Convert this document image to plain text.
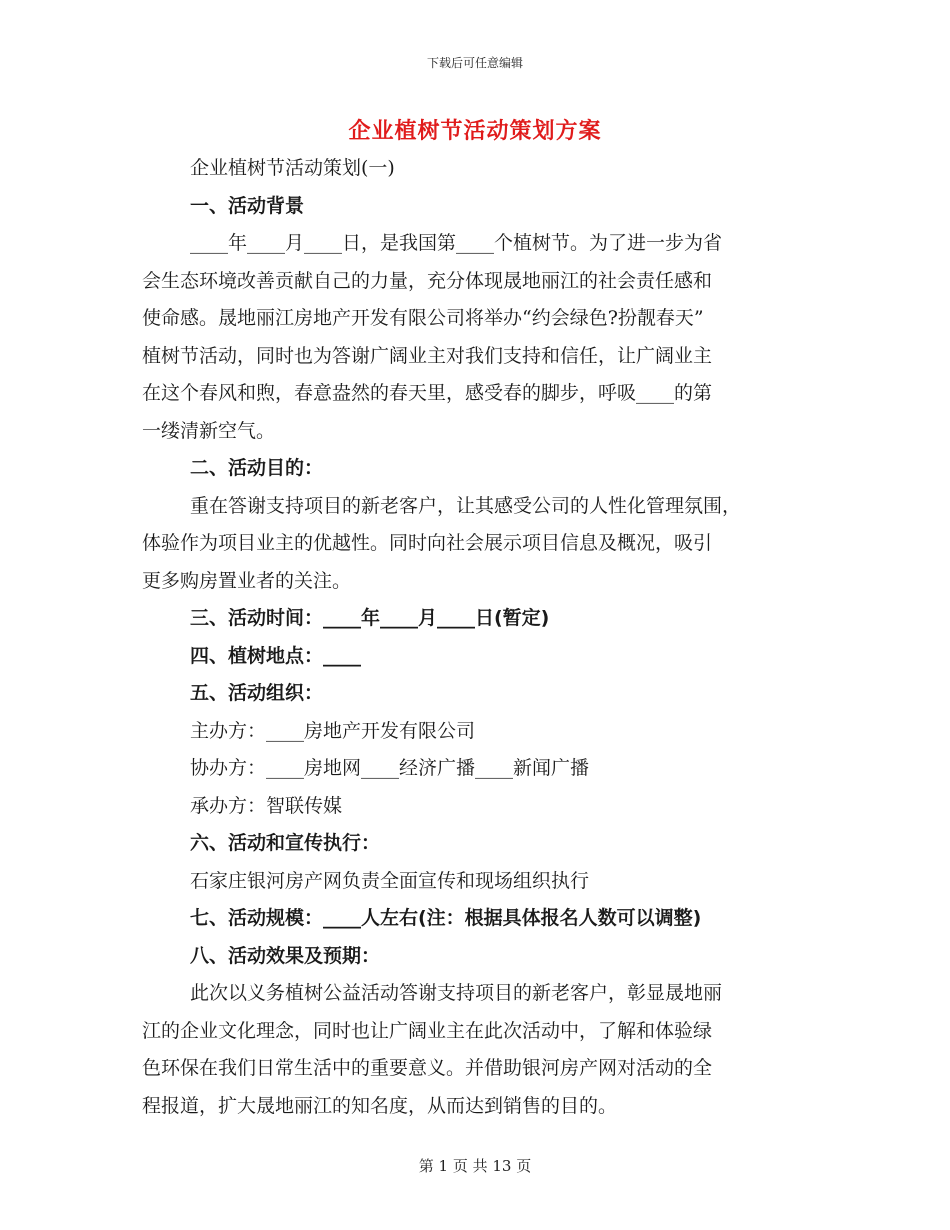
下载后可任意编辑
企业植树节活动策划方案
企业植树节活动策划(一)
一、活动背景
____年____月____日，是我国第____个植树节。为了进一步为省
会生态环境改善贡献自己的力量，充分体现晟地丽江的社会责任感和
使命感。晟地丽江房地产开发有限公司将举办“约会绿色?扮靓春天”
植树节活动，同时也为答谢广阔业主对我们支持和信任，让广阔业主
在这个春风和煦，春意盎然的春天里，感受春的脚步，呼吸____的第
一缕清新空气。
二、活动目的：
重在答谢支持项目的新老客户，让其感受公司的人性化管理氛围，
体验作为项目业主的优越性。同时向社会展示项目信息及概况，吸引
更多购房置业者的关注。
三、活动时间：____年____月____日(暂定)
四、植树地点：____
五、活动组织：
主办方：____房地产开发有限公司
协办方：____房地网____经济广播____新闻广播
承办方：智联传媒
六、活动和宣传执行：
石家庄银河房产网负责全面宣传和现场组织执行
七、活动规模：____人左右(注：根据具体报名人数可以调整)
八、活动效果及预期：
此次以义务植树公益活动答谢支持项目的新老客户，彰显晟地丽
江的企业文化理念，同时也让广阔业主在此次活动中，了解和体验绿
色环保在我们日常生活中的重要意义。并借助银河房产网对活动的全
程报道，扩大晟地丽江的知名度，从而达到销售的目的。
第 1 页 共 13 页
